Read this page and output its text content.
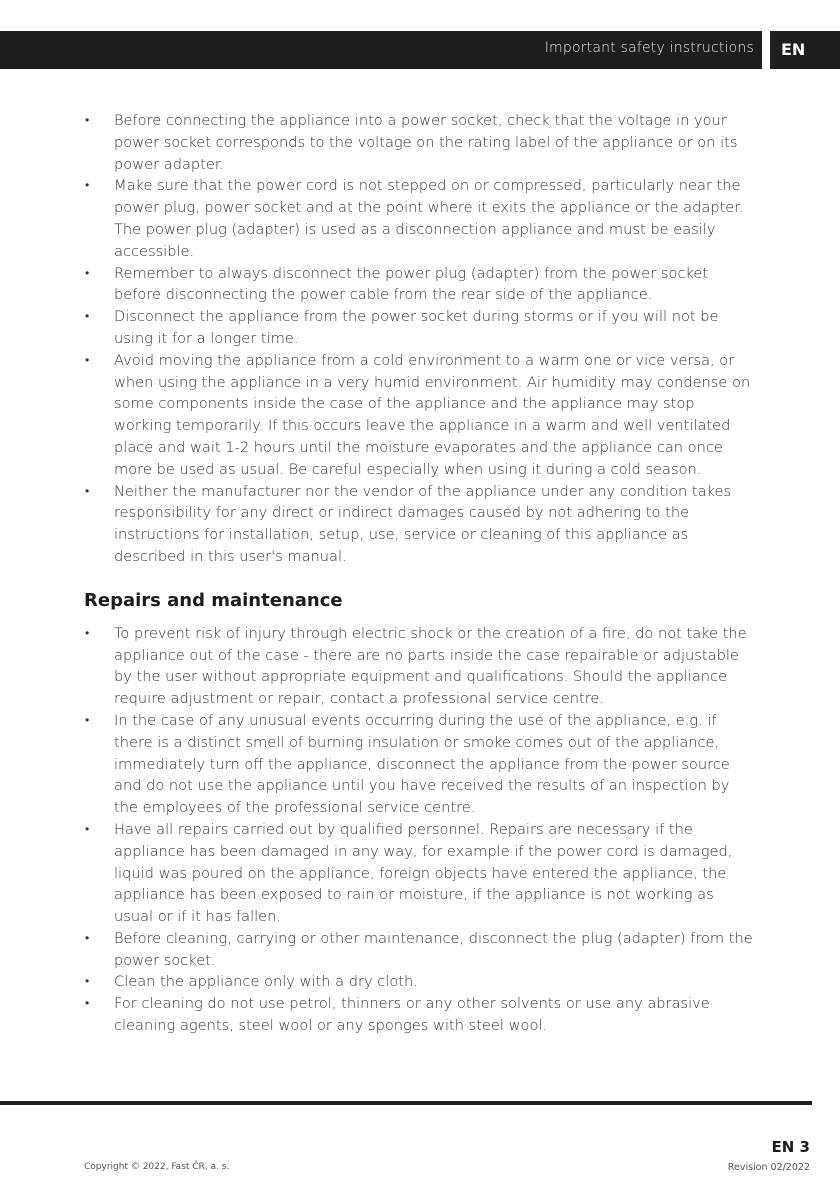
Important safety instructions	EN
• Before connecting the appliance into a power socket, check that the voltage in your power socket corresponds to the voltage on the rating label of the appliance or on its power adapter.
• Make sure that the power cord is not stepped on or compressed, particularly near the power plug, power socket and at the point where it exits the appliance or the adapter. The power plug (adapter) is used as a disconnection appliance and must be easily accessible.
• Remember to always disconnect the power plug (adapter) from the power socket before disconnecting the power cable from the rear side of the appliance.
• Disconnect the appliance from the power socket during storms or if you will not be using it for a longer time.
• Avoid moving the appliance from a cold environment to a warm one or vice versa, or when using the appliance in a very humid environment. Air humidity may condense on some components inside the case of the appliance and the appliance may stop working temporarily. If this occurs leave the appliance in a warm and well ventilated place and wait 1-2 hours until the moisture evaporates and the appliance can once more be used as usual. Be careful especially when using it during a cold season.
• Neither the manufacturer nor the vendor of the appliance under any condition takes responsibility for any direct or indirect damages caused by not adhering to the instructions for installation, setup, use, service or cleaning of this appliance as described in this user's manual.
Repairs and maintenance
• To prevent risk of injury through electric shock or the creation of a fire, do not take the appliance out of the case - there are no parts inside the case repairable or adjustable by the user without appropriate equipment and qualifications. Should the appliance require adjustment or repair, contact a professional service centre.
• In the case of any unusual events occurring during the use of the appliance, e.g. if there is a distinct smell of burning insulation or smoke comes out of the appliance, immediately turn off the appliance, disconnect the appliance from the power source and do not use the appliance until you have received the results of an inspection by the employees of the professional service centre.
• Have all repairs carried out by qualified personnel. Repairs are necessary if the appliance has been damaged in any way, for example if the power cord is damaged, liquid was poured on the appliance, foreign objects have entered the appliance, the appliance has been exposed to rain or moisture, if the appliance is not working as usual or if it has fallen.
• Before cleaning, carrying or other maintenance, disconnect the plug (adapter) from the power socket.
• Clean the appliance only with a dry cloth.
• For cleaning do not use petrol, thinners or any other solvents or use any abrasive cleaning agents, steel wool or any sponges with steel wool.
EN 3
Copyright © 2022, Fast ČR, a. s.	Revision 02/2022
